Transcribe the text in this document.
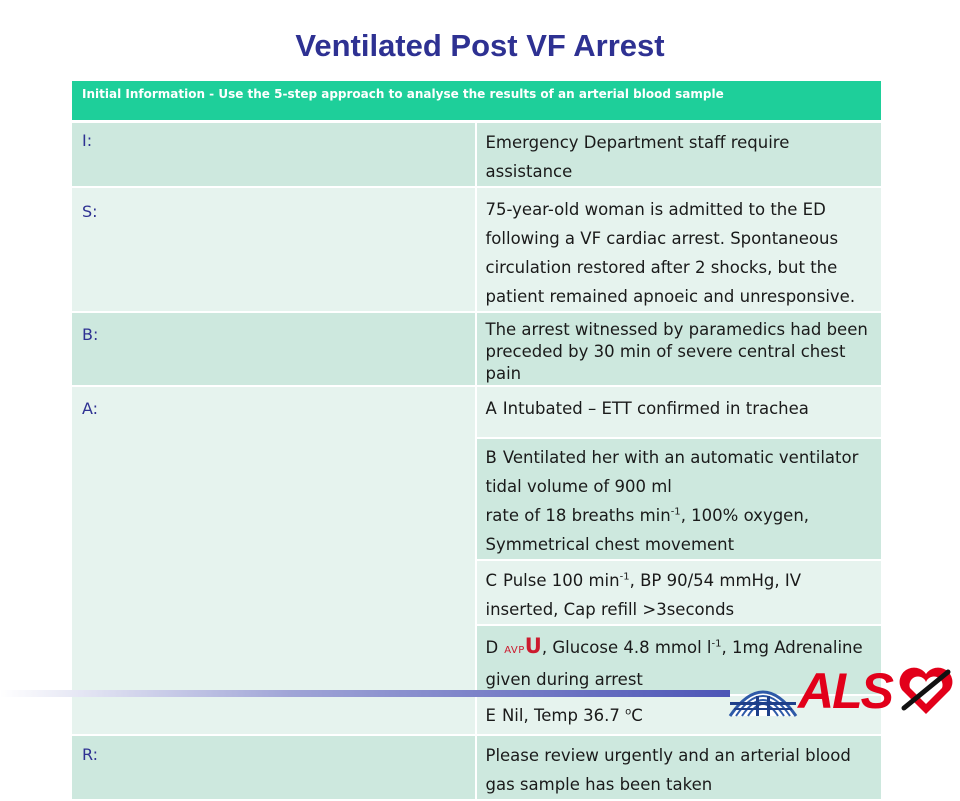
Ventilated Post VF Arrest
Initial Information - Use the 5-step approach to analyse the results of an arterial blood sample	
I:	Emergency Department staff require assistance
S:	75-year-old woman is admitted to the ED following a VF cardiac arrest. Spontaneous circulation restored after 2 shocks, but the patient remained apnoeic and unresponsive.
B:	The arrest witnessed by paramedics had been preceded by 30 min of severe central chest pain
A:	A Intubated – ETT confirmed in trachea
	B Ventilated her with an automatic ventilator tidal volume of 900 ml
rate of 18 breaths $\min^{-1}$, 100% oxygen, Symmetrical chest movement
	C Pulse 100 $\min^{-1}$, BP 90/54 mmHg, IV inserted, Cap refill >3seconds
	D AVPU, Glucose 4.8 mmol $l^{-1}$, 1mg Adrenaline given during arrest
	E Nil, Temp 36.7 $^o$C
R:	Please review urgently and an arterial blood gas sample has been taken
ALS
